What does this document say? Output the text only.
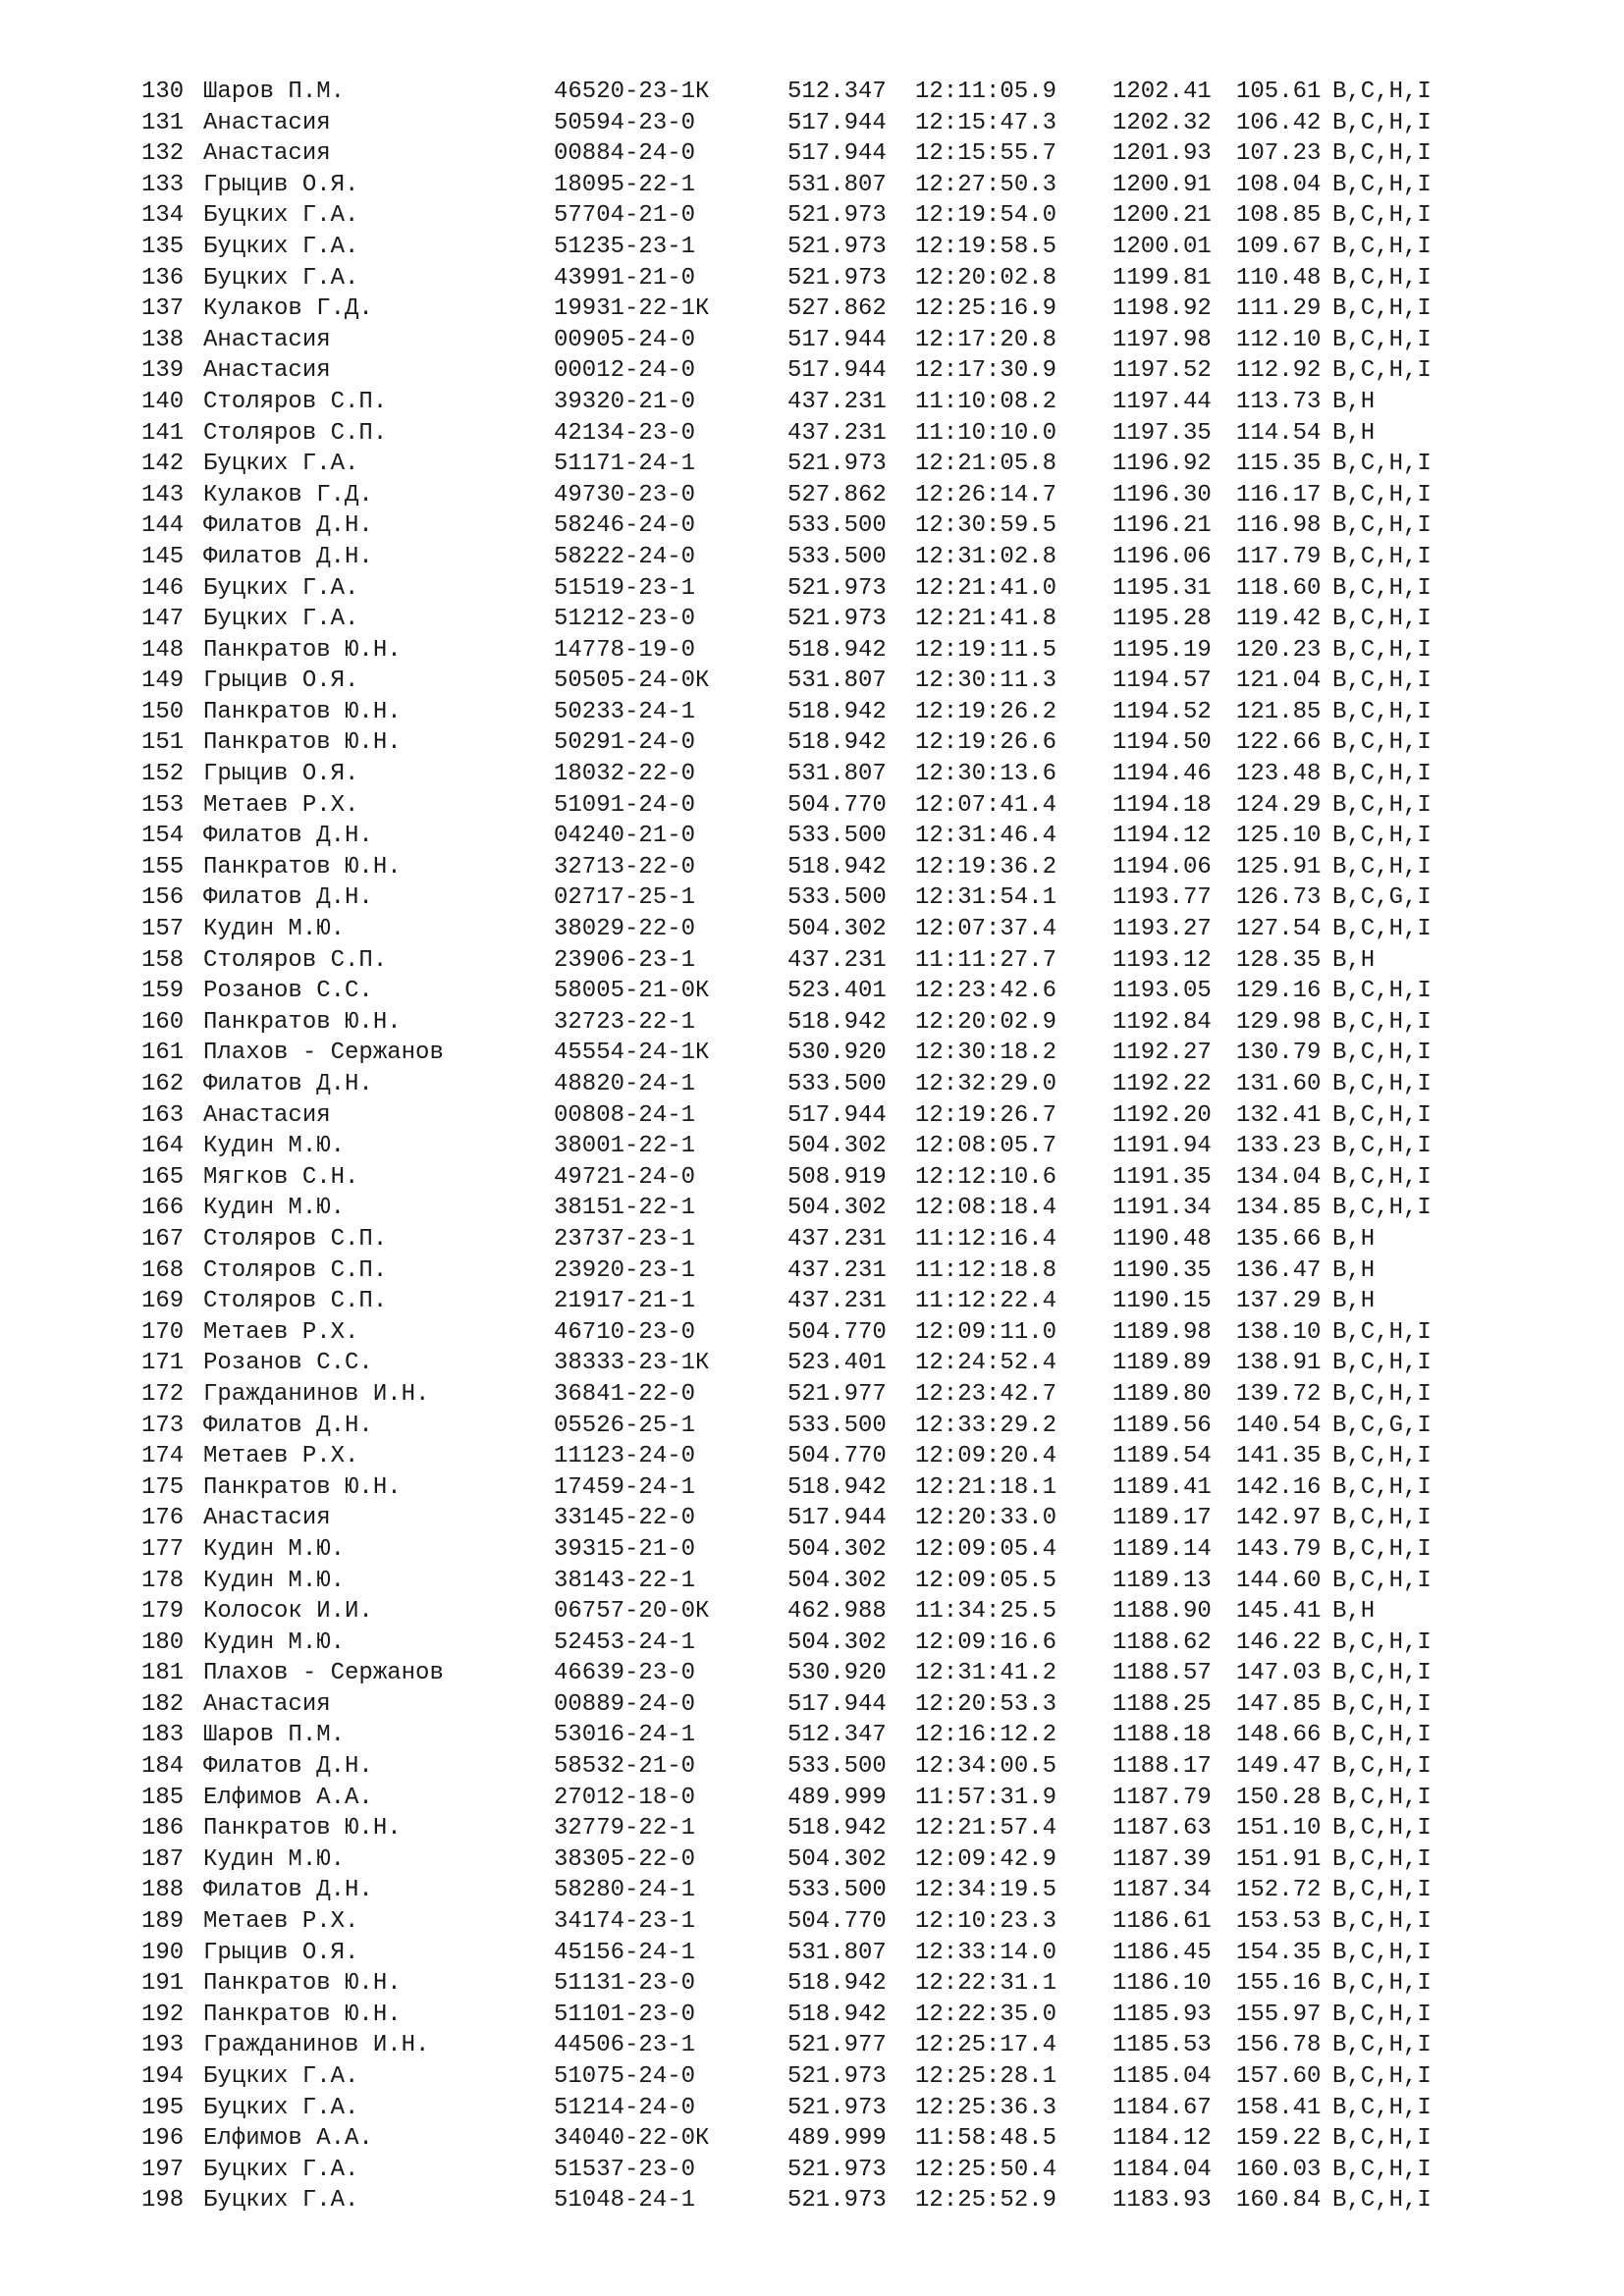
130 Шаров П.М.	46520-23-1К	512.347 12:11:05.9 1202.41 105.61 B,C,H,I
131 Анастасия	50594-23-0	517.944 12:15:47.3 1202.32 106.42 B,C,H,I
132 Анастасия	00884-24-0	517.944 12:15:55.7 1201.93 107.23 B,C,H,I
133 Грыцив О.Я.	18095-22-1	531.807 12:27:50.3 1200.91 108.04 B,C,H,I
134 Буцких Г.А.	57704-21-0	521.973 12:19:54.0 1200.21 108.85 B,C,H,I
135 Буцких Г.А.	51235-23-1	521.973 12:19:58.5 1200.01 109.67 B,C,H,I
136 Буцких Г.А.	43991-21-0	521.973 12:20:02.8 1199.81 110.48 B,C,H,I
137 Кулаков Г.Д.	19931-22-1К	527.862 12:25:16.9 1198.92 111.29 B,C,H,I
138 Анастасия	00905-24-0	517.944 12:17:20.8 1197.98 112.10 B,C,H,I
139 Анастасия	00012-24-0	517.944 12:17:30.9 1197.52 112.92 B,C,H,I
140 Столяров С.П.	39320-21-0	437.231 11:10:08.2 1197.44 113.73 B,H
141 Столяров С.П.	42134-23-0	437.231 11:10:10.0 1197.35 114.54 B,H
142 Буцких Г.А.	51171-24-1	521.973 12:21:05.8 1196.92 115.35 B,C,H,I
143 Кулаков Г.Д.	49730-23-0	527.862 12:26:14.7 1196.30 116.17 B,C,H,I
144 Филатов Д.Н.	58246-24-0	533.500 12:30:59.5 1196.21 116.98 B,C,H,I
145 Филатов Д.Н.	58222-24-0	533.500 12:31:02.8 1196.06 117.79 B,C,H,I
146 Буцких Г.А.	51519-23-1	521.973 12:21:41.0 1195.31 118.60 B,C,H,I
147 Буцких Г.А.	51212-23-0	521.973 12:21:41.8 1195.28 119.42 B,C,H,I
148 Панкратов Ю.Н.	14778-19-0	518.942 12:19:11.5 1195.19 120.23 B,C,H,I
149 Грыцив О.Я.	50505-24-0К	531.807 12:30:11.3 1194.57 121.04 B,C,H,I
150 Панкратов Ю.Н.	50233-24-1	518.942 12:19:26.2 1194.52 121.85 B,C,H,I
151 Панкратов Ю.Н.	50291-24-0	518.942 12:19:26.6 1194.50 122.66 B,C,H,I
152 Грыцив О.Я.	18032-22-0	531.807 12:30:13.6 1194.46 123.48 B,C,H,I
153 Метаев Р.Х.	51091-24-0	504.770 12:07:41.4 1194.18 124.29 B,C,H,I
154 Филатов Д.Н.	04240-21-0	533.500 12:31:46.4 1194.12 125.10 B,C,H,I
155 Панкратов Ю.Н.	32713-22-0	518.942 12:19:36.2 1194.06 125.91 B,C,H,I
156 Филатов Д.Н.	02717-25-1	533.500 12:31:54.1 1193.77 126.73 B,C,G,I
157 Кудин М.Ю.	38029-22-0	504.302 12:07:37.4 1193.27 127.54 B,C,H,I
158 Столяров С.П.	23906-23-1	437.231 11:11:27.7 1193.12 128.35 B,H
159 Розанов С.С.	58005-21-0К	523.401 12:23:42.6 1193.05 129.16 B,C,H,I
160 Панкратов Ю.Н.	32723-22-1	518.942 12:20:02.9 1192.84 129.98 B,C,H,I
161 Плахов - Сержанов	45554-24-1К	530.920 12:30:18.2 1192.27 130.79 B,C,H,I
162 Филатов Д.Н.	48820-24-1	533.500 12:32:29.0 1192.22 131.60 B,C,H,I
163 Анастасия	00808-24-1	517.944 12:19:26.7 1192.20 132.41 B,C,H,I
164 Кудин М.Ю.	38001-22-1	504.302 12:08:05.7 1191.94 133.23 B,C,H,I
165 Мягков С.Н.	49721-24-0	508.919 12:12:10.6 1191.35 134.04 B,C,H,I
166 Кудин М.Ю.	38151-22-1	504.302 12:08:18.4 1191.34 134.85 B,C,H,I
167 Столяров С.П.	23737-23-1	437.231 11:12:16.4 1190.48 135.66 B,H
168 Столяров С.П.	23920-23-1	437.231 11:12:18.8 1190.35 136.47 B,H
169 Столяров С.П.	21917-21-1	437.231 11:12:22.4 1190.15 137.29 B,H
170 Метаев Р.Х.	46710-23-0	504.770 12:09:11.0 1189.98 138.10 B,C,H,I
171 Розанов С.С.	38333-23-1К	523.401 12:24:52.4 1189.89 138.91 B,C,H,I
172 Гражданинов И.Н.	36841-22-0	521.977 12:23:42.7 1189.80 139.72 B,C,H,I
173 Филатов Д.Н.	05526-25-1	533.500 12:33:29.2 1189.56 140.54 B,C,G,I
174 Метаев Р.Х.	11123-24-0	504.770 12:09:20.4 1189.54 141.35 B,C,H,I
175 Панкратов Ю.Н.	17459-24-1	518.942 12:21:18.1 1189.41 142.16 B,C,H,I
176 Анастасия	33145-22-0	517.944 12:20:33.0 1189.17 142.97 B,C,H,I
177 Кудин М.Ю.	39315-21-0	504.302 12:09:05.4 1189.14 143.79 B,C,H,I
178 Кудин М.Ю.	38143-22-1	504.302 12:09:05.5 1189.13 144.60 B,C,H,I
179 Колосок И.И.	06757-20-0К	462.988 11:34:25.5 1188.90 145.41 B,H
180 Кудин М.Ю.	52453-24-1	504.302 12:09:16.6 1188.62 146.22 B,C,H,I
181 Плахов - Сержанов	46639-23-0	530.920 12:31:41.2 1188.57 147.03 B,C,H,I
182 Анастасия	00889-24-0	517.944 12:20:53.3 1188.25 147.85 B,C,H,I
183 Шаров П.М.	53016-24-1	512.347 12:16:12.2 1188.18 148.66 B,C,H,I
184 Филатов Д.Н.	58532-21-0	533.500 12:34:00.5 1188.17 149.47 B,C,H,I
185 Елфимов А.А.	27012-18-0	489.999 11:57:31.9 1187.79 150.28 B,C,H,I
186 Панкратов Ю.Н.	32779-22-1	518.942 12:21:57.4 1187.63 151.10 B,C,H,I
187 Кудин М.Ю.	38305-22-0	504.302 12:09:42.9 1187.39 151.91 B,C,H,I
188 Филатов Д.Н.	58280-24-1	533.500 12:34:19.5 1187.34 152.72 B,C,H,I
189 Метаев Р.Х.	34174-23-1	504.770 12:10:23.3 1186.61 153.53 B,C,H,I
190 Грыцив О.Я.	45156-24-1	531.807 12:33:14.0 1186.45 154.35 B,C,H,I
191 Панкратов Ю.Н.	51131-23-0	518.942 12:22:31.1 1186.10 155.16 B,C,H,I
192 Панкратов Ю.Н.	51101-23-0	518.942 12:22:35.0 1185.93 155.97 B,C,H,I
193 Гражданинов И.Н.	44506-23-1	521.977 12:25:17.4 1185.53 156.78 B,C,H,I
194 Буцких Г.А.	51075-24-0	521.973 12:25:28.1 1185.04 157.60 B,C,H,I
195 Буцких Г.А.	51214-24-0	521.973 12:25:36.3 1184.67 158.41 B,C,H,I
196 Елфимов А.А.	34040-22-0К	489.999 11:58:48.5 1184.12 159.22 B,C,H,I
197 Буцких Г.А.	51537-23-0	521.973 12:25:50.4 1184.04 160.03 B,C,H,I
198 Буцких Г.А.	51048-24-1	521.973 12:25:52.9 1183.93 160.84 B,C,H,I
